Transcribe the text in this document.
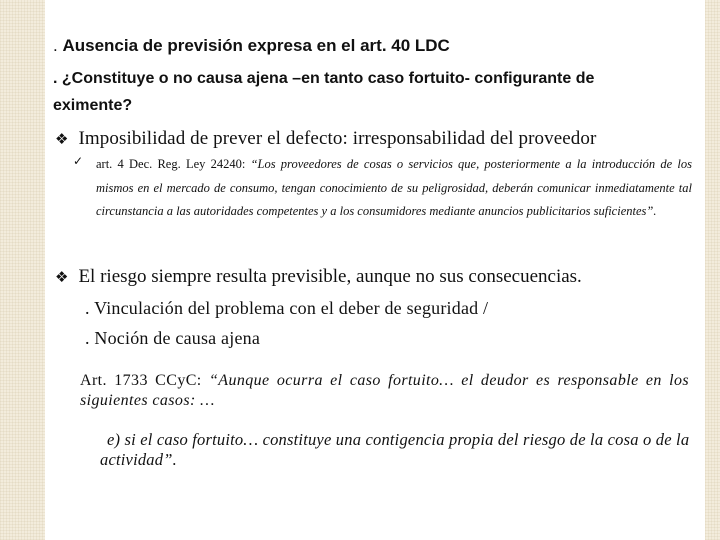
. Ausencia de previsión expresa en el art. 40 LDC

. ¿Constituye o no causa ajena –en tanto caso fortuito- configurante de

eximente?

❖ Imposibilidad de prever el defecto: irresponsabilidad del proveedor
✓ art. 4 Dec. Reg. Ley 24240: “Los proveedores de cosas o servicios que, posteriormente a la introducción de los mismos en el mercado de consumo, tengan conocimiento de su peligrosidad, deberán comunicar inmediatamente tal circunstancia a las autoridades competentes y a los consumidores mediante anuncios publicitarios suficientes”.

❖ El riesgo siempre resulta previsible, aunque no sus consecuencias.

. Vinculación del problema con el deber de seguridad /

. Noción de causa ajena

Art. 1733 CCyC: “Aunque ocurra el caso fortuito… el deudor es responsable en los siguientes casos: …

e) si el caso fortuito… constituye una contigencia propia del riesgo de la cosa o de la actividad”.
